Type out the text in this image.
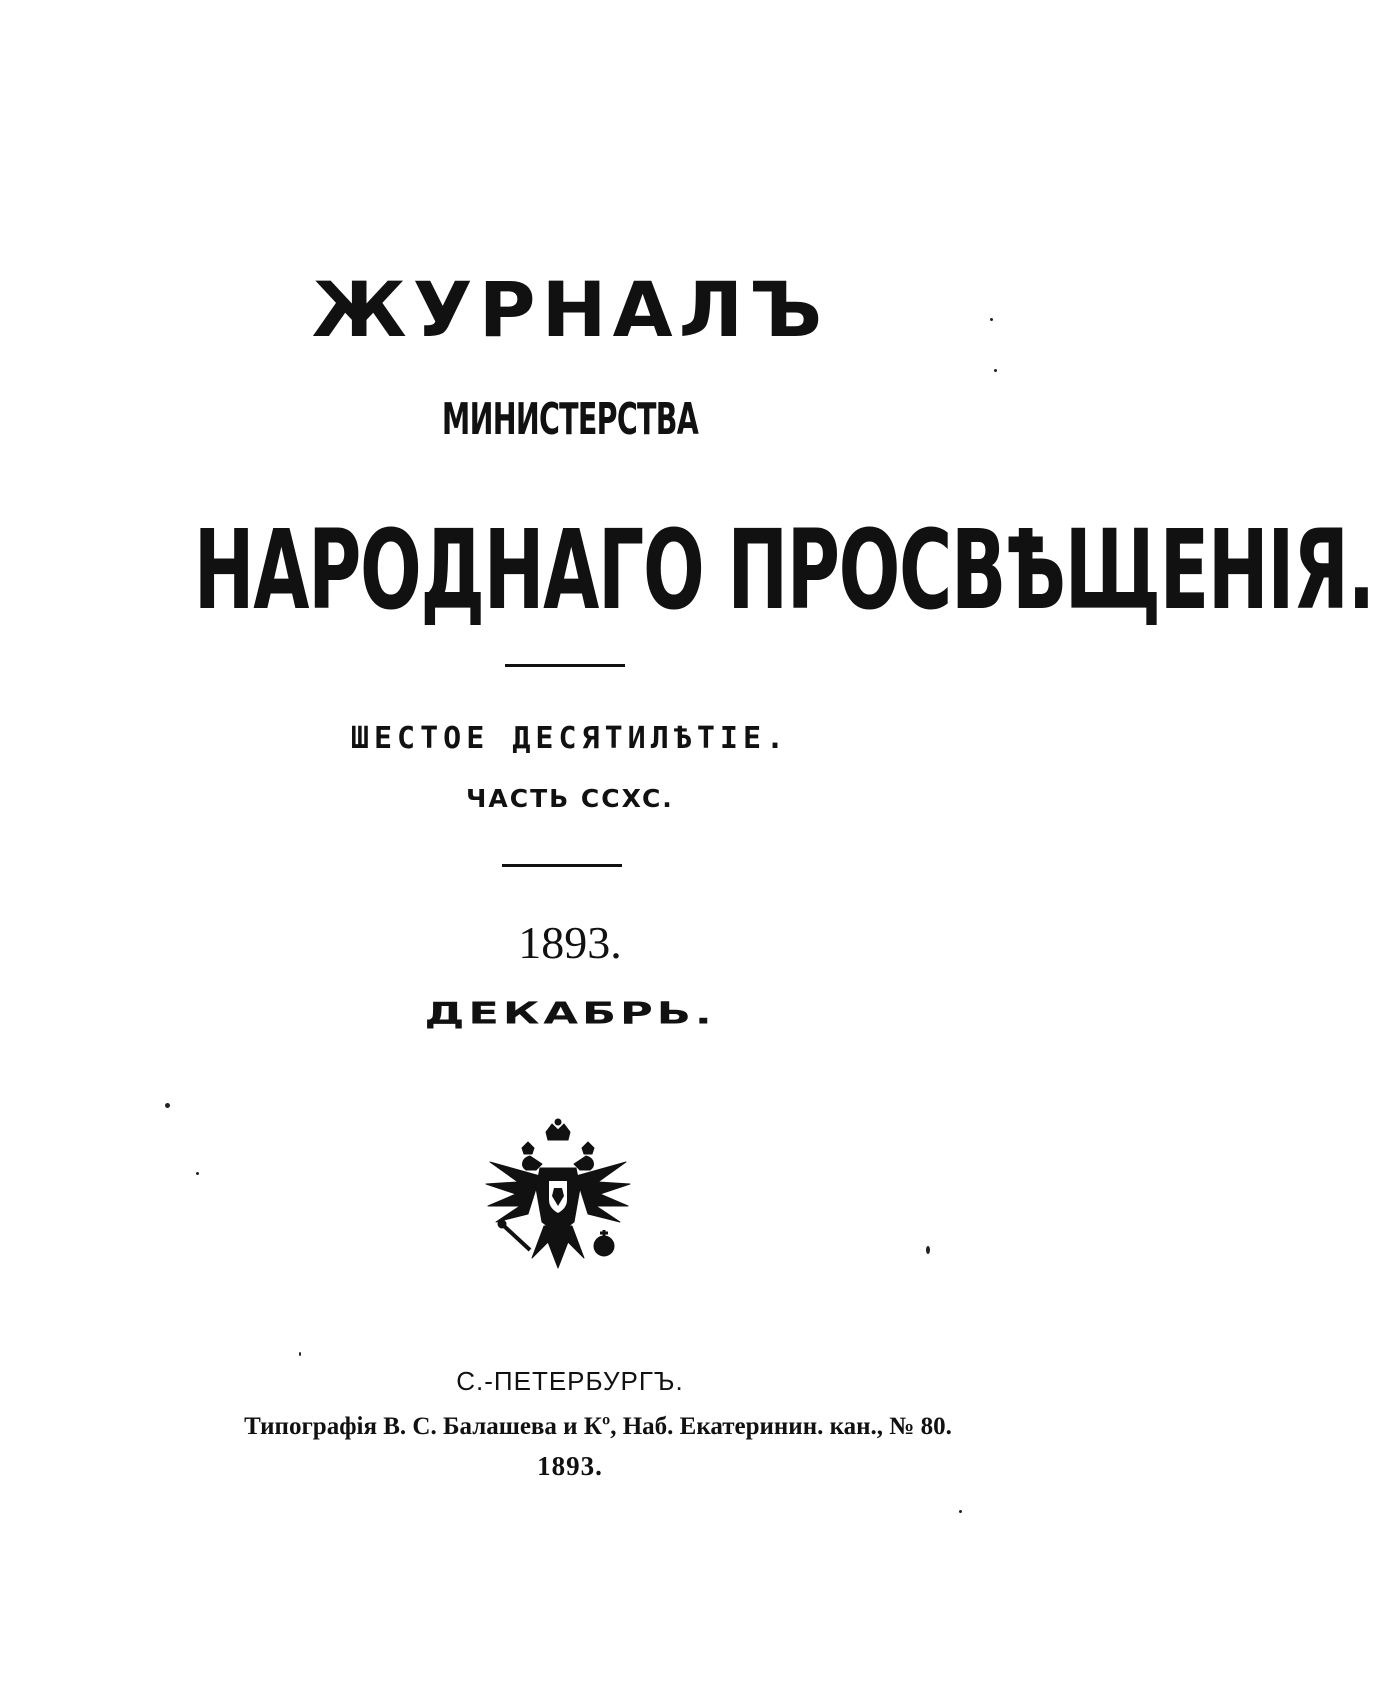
ЖУРНАЛЪ
МИНИСТЕРСТВА
НАРОДНАГО ПРОСВѢЩЕНІЯ.
ШЕСТОЕ ДЕСЯТИЛѢТІЕ.
ЧАСТЬ CCXC.
1893.
ДЕКАБРЬ.
С.-ПЕТЕРБУРГЪ.
Типографія В. С. Балашева и Кº, Наб. Екатеринин. кан., № 80.
1893.
